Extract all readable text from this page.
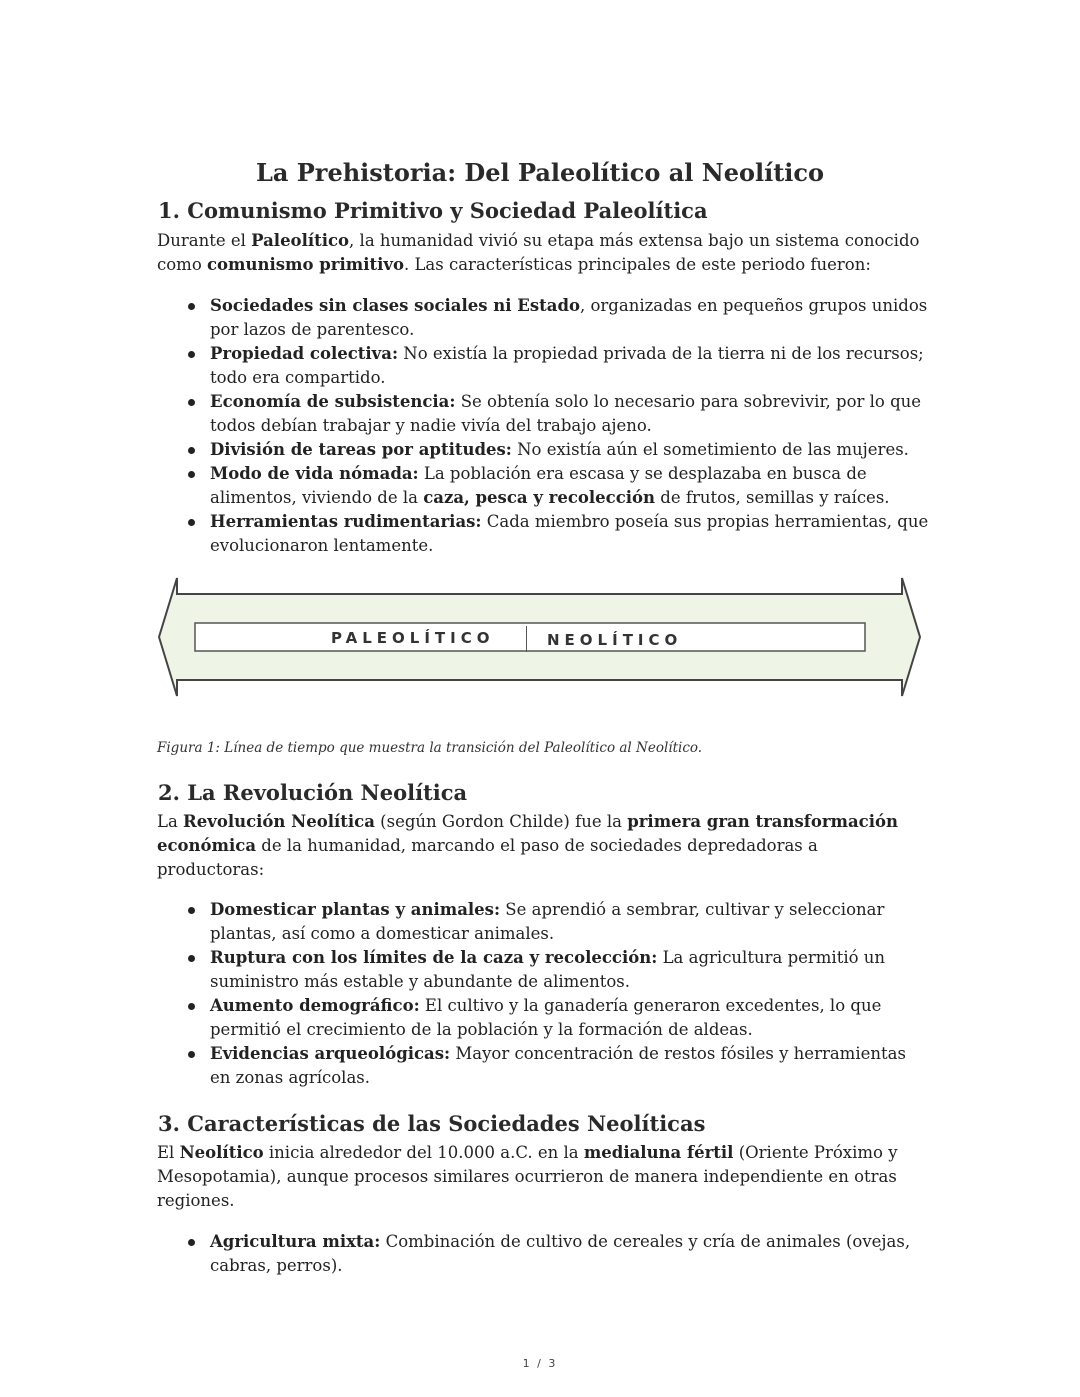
La Prehistoria: Del Paleolítico al Neolítico
1. Comunismo Primitivo y Sociedad Paleolítica

Durante el Paleolítico, la humanidad vivió su etapa más extensa bajo un sistema conocido como comunismo primitivo. Las características principales de este periodo fueron:

Sociedades sin clases sociales ni Estado, organizadas en pequeños grupos unidos por lazos de parentesco.
Propiedad colectiva: No existía la propiedad privada de la tierra ni de los recursos; todo era compartido.
Economía de subsistencia: Se obtenía solo lo necesario para sobrevivir, por lo que todos debían trabajar y nadie vivía del trabajo ajeno.
División de tareas por aptitudes: No existía aún el sometimiento de las mujeres.
Modo de vida nómada: La población era escasa y se desplazaba en busca de alimentos, viviendo de la caza, pesca y recolección de frutos, semillas y raíces.
Herramientas rudimentarias: Cada miembro poseía sus propias herramientas, que evolucionaron lentamente.
PALEOLÍTICO	NEOLÍTICO

Figura 1: Línea de tiempo que muestra la transición del Paleolítico al Neolítico.

2. La Revolución Neolítica

La Revolución Neolítica (según Gordon Childe) fue la primera gran transformación económica de la humanidad, marcando el paso de sociedades depredadoras a productoras:

Domesticar plantas y animales: Se aprendió a sembrar, cultivar y seleccionar plantas, así como a domesticar animales.
Ruptura con los límites de la caza y recolección: La agricultura permitió un suministro más estable y abundante de alimentos.
Aumento demográfico: El cultivo y la ganadería generaron excedentes, lo que permitió el crecimiento de la población y la formación de aldeas.
Evidencias arqueológicas: Mayor concentración de restos fósiles y herramientas en zonas agrícolas.
3. Características de las Sociedades Neolíticas

El Neolítico inicia alrededor del 10.000 a.C. en la medialuna fértil (Oriente Próximo y Mesopotamia), aunque procesos similares ocurrieron de manera independiente en otras regiones.

Agricultura mixta: Combinación de cultivo de cereales y cría de animales (ovejas, cabras, perros).
1 / 3
